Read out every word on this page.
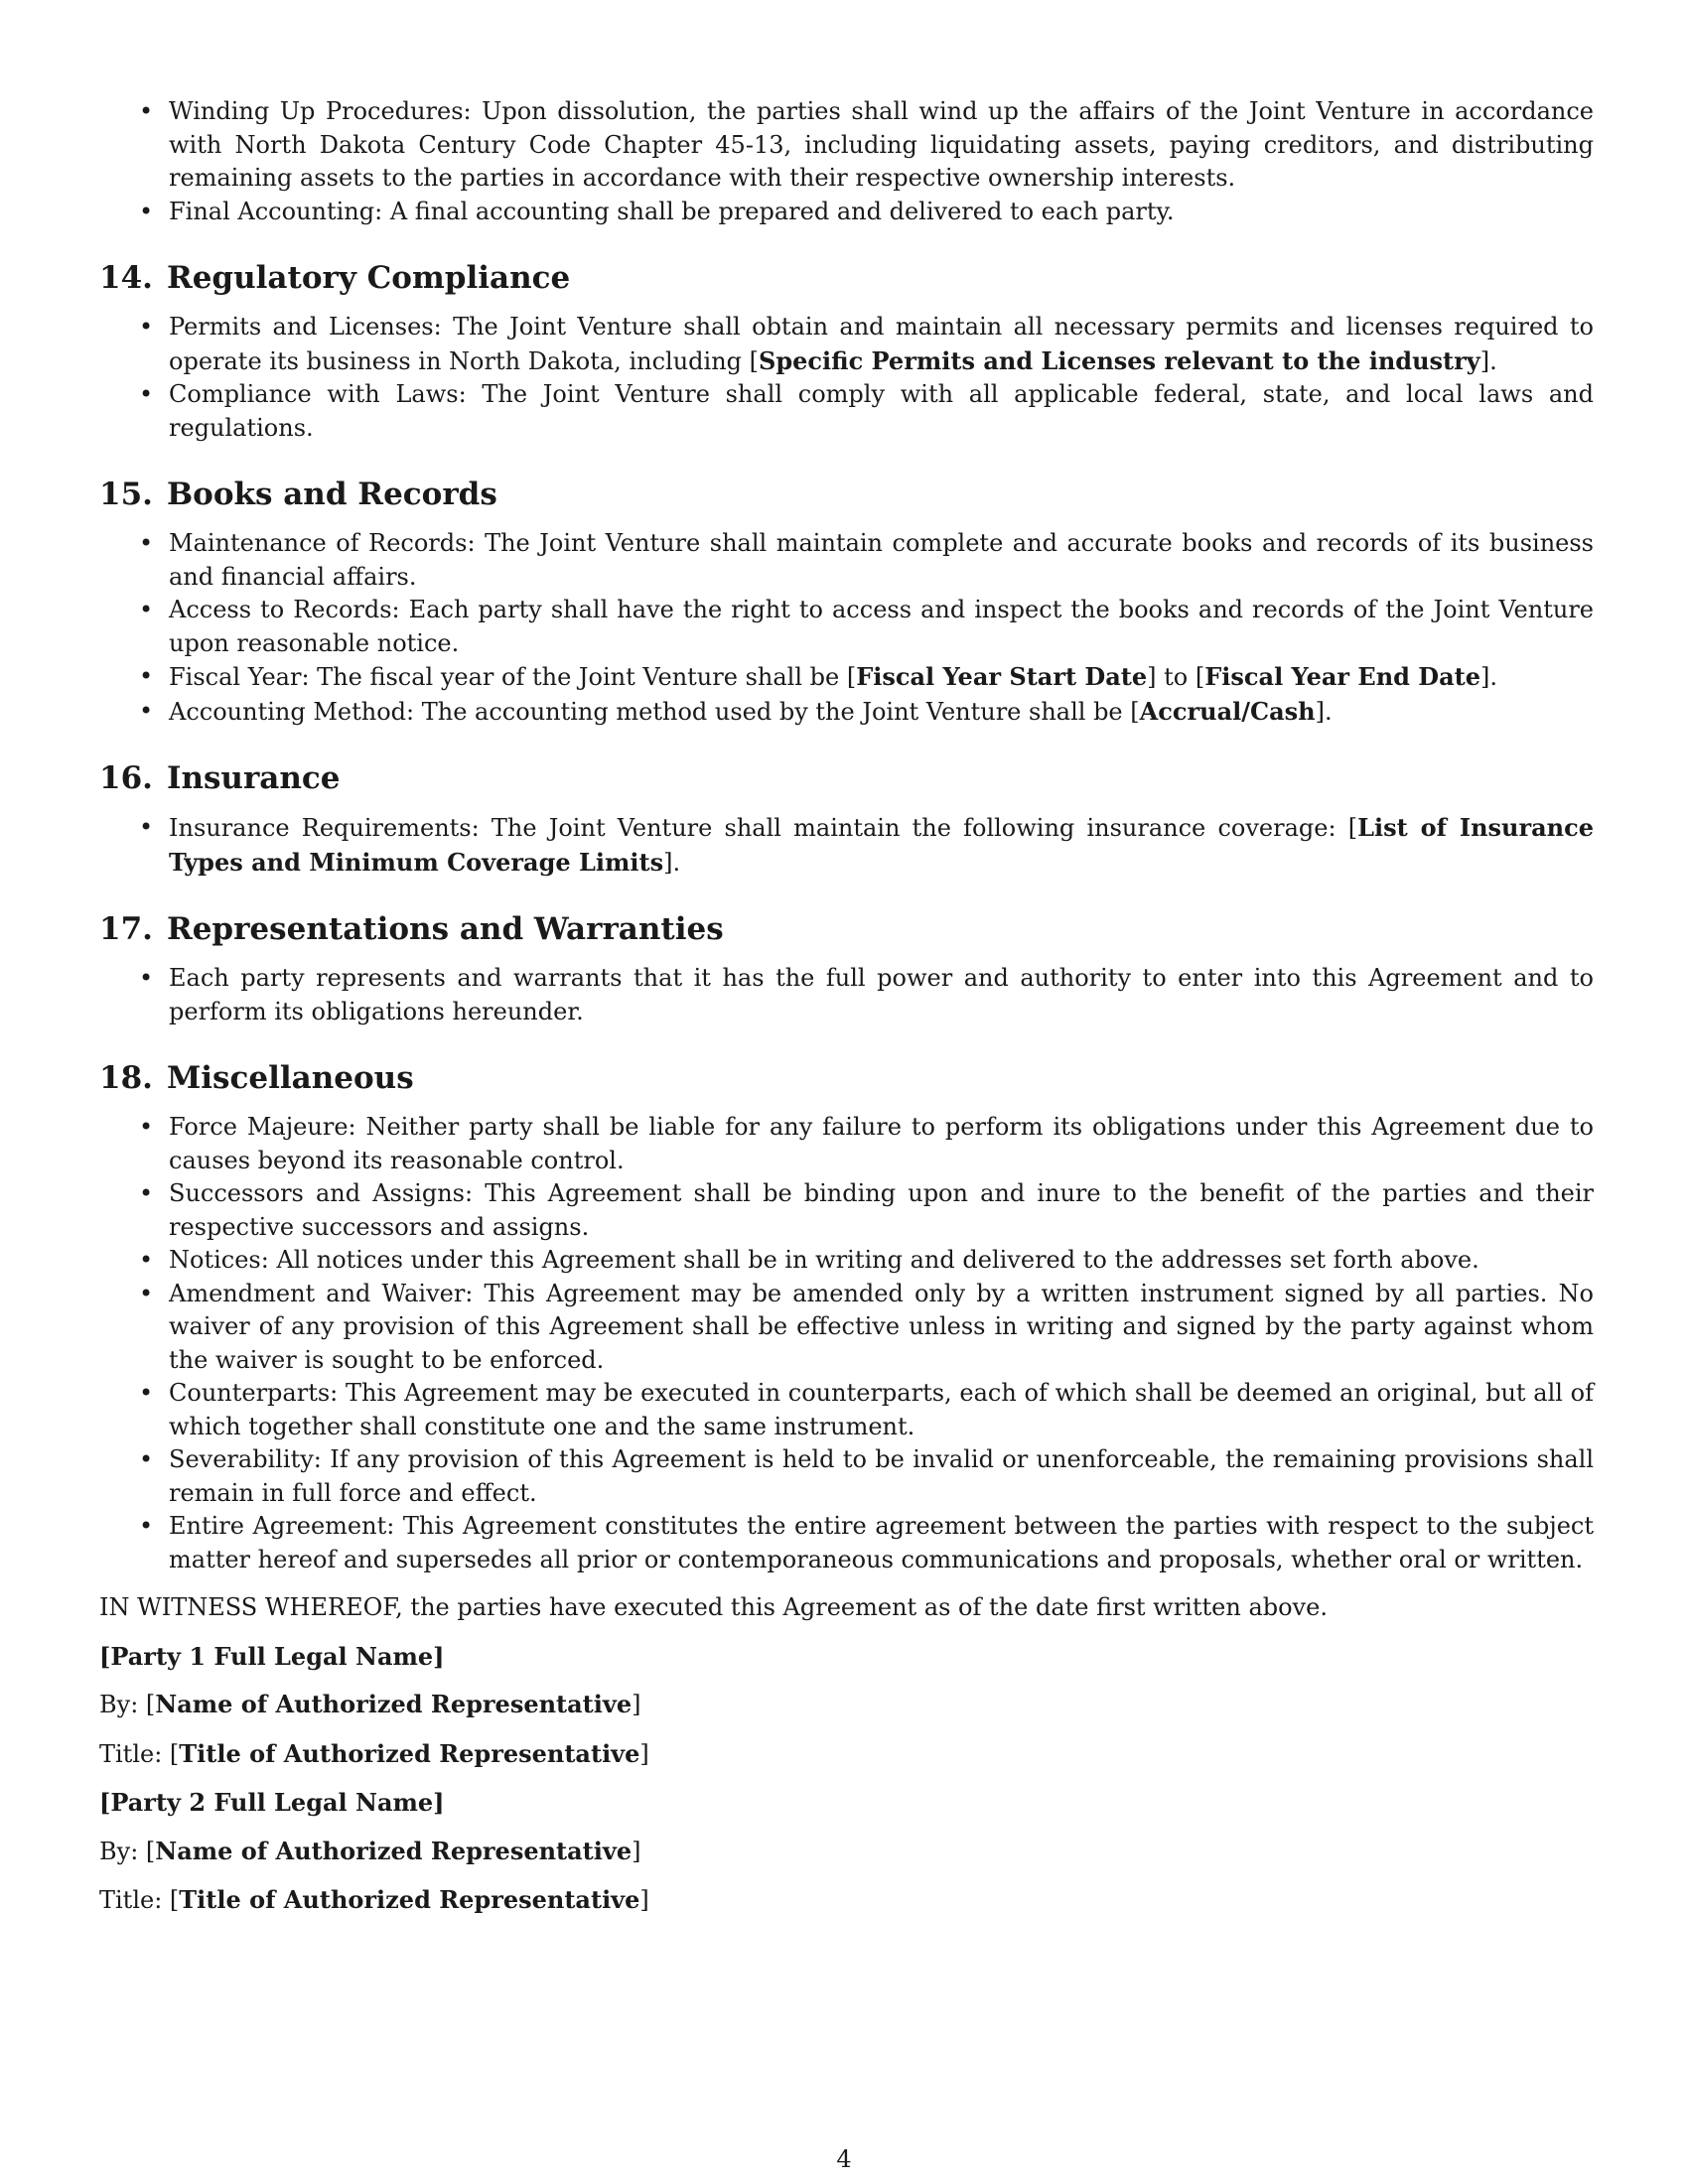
• Winding Up Procedures: Upon dissolution, the parties shall wind up the affairs of the Joint Venture in accordance with North Dakota Century Code Chapter 45-13, including liquidating assets, paying creditors, and distributing remaining assets to the parties in accordance with their respective ownership interests.
• Final Accounting: A final accounting shall be prepared and delivered to each party.
14. Regulatory Compliance
• Permits and Licenses: The Joint Venture shall obtain and maintain all necessary permits and licenses required to operate its business in North Dakota, including [Specific Permits and Licenses relevant to the industry].
• Compliance with Laws: The Joint Venture shall comply with all applicable federal, state, and local laws and regulations.
15. Books and Records
• Maintenance of Records: The Joint Venture shall maintain complete and accurate books and records of its business and financial affairs.
• Access to Records: Each party shall have the right to access and inspect the books and records of the Joint Venture upon reasonable notice.
• Fiscal Year: The fiscal year of the Joint Venture shall be [Fiscal Year Start Date] to [Fiscal Year End Date].
• Accounting Method: The accounting method used by the Joint Venture shall be [Accrual/Cash].
16. Insurance
• Insurance Requirements: The Joint Venture shall maintain the following insurance coverage: [List of Insurance Types and Minimum Coverage Limits].
17. Representations and Warranties
• Each party represents and warrants that it has the full power and authority to enter into this Agreement and to perform its obligations hereunder.
18. Miscellaneous
• Force Majeure: Neither party shall be liable for any failure to perform its obligations under this Agreement due to causes beyond its reasonable control.
• Successors and Assigns: This Agreement shall be binding upon and inure to the benefit of the parties and their respective successors and assigns.
• Notices: All notices under this Agreement shall be in writing and delivered to the addresses set forth above.
• Amendment and Waiver: This Agreement may be amended only by a written instrument signed by all parties. No waiver of any provision of this Agreement shall be effective unless in writing and signed by the party against whom the waiver is sought to be enforced.
• Counterparts: This Agreement may be executed in counterparts, each of which shall be deemed an original, but all of which together shall constitute one and the same instrument.
• Severability: If any provision of this Agreement is held to be invalid or unenforceable, the remaining provisions shall remain in full force and effect.
• Entire Agreement: This Agreement constitutes the entire agreement between the parties with respect to the subject matter hereof and supersedes all prior or contemporaneous communications and proposals, whether oral or written.

IN WITNESS WHEREOF, the parties have executed this Agreement as of the date first written above.

[Party 1 Full Legal Name]

By: [Name of Authorized Representative]

Title: [Title of Authorized Representative]

[Party 2 Full Legal Name]

By: [Name of Authorized Representative]

Title: [Title of Authorized Representative]

4
